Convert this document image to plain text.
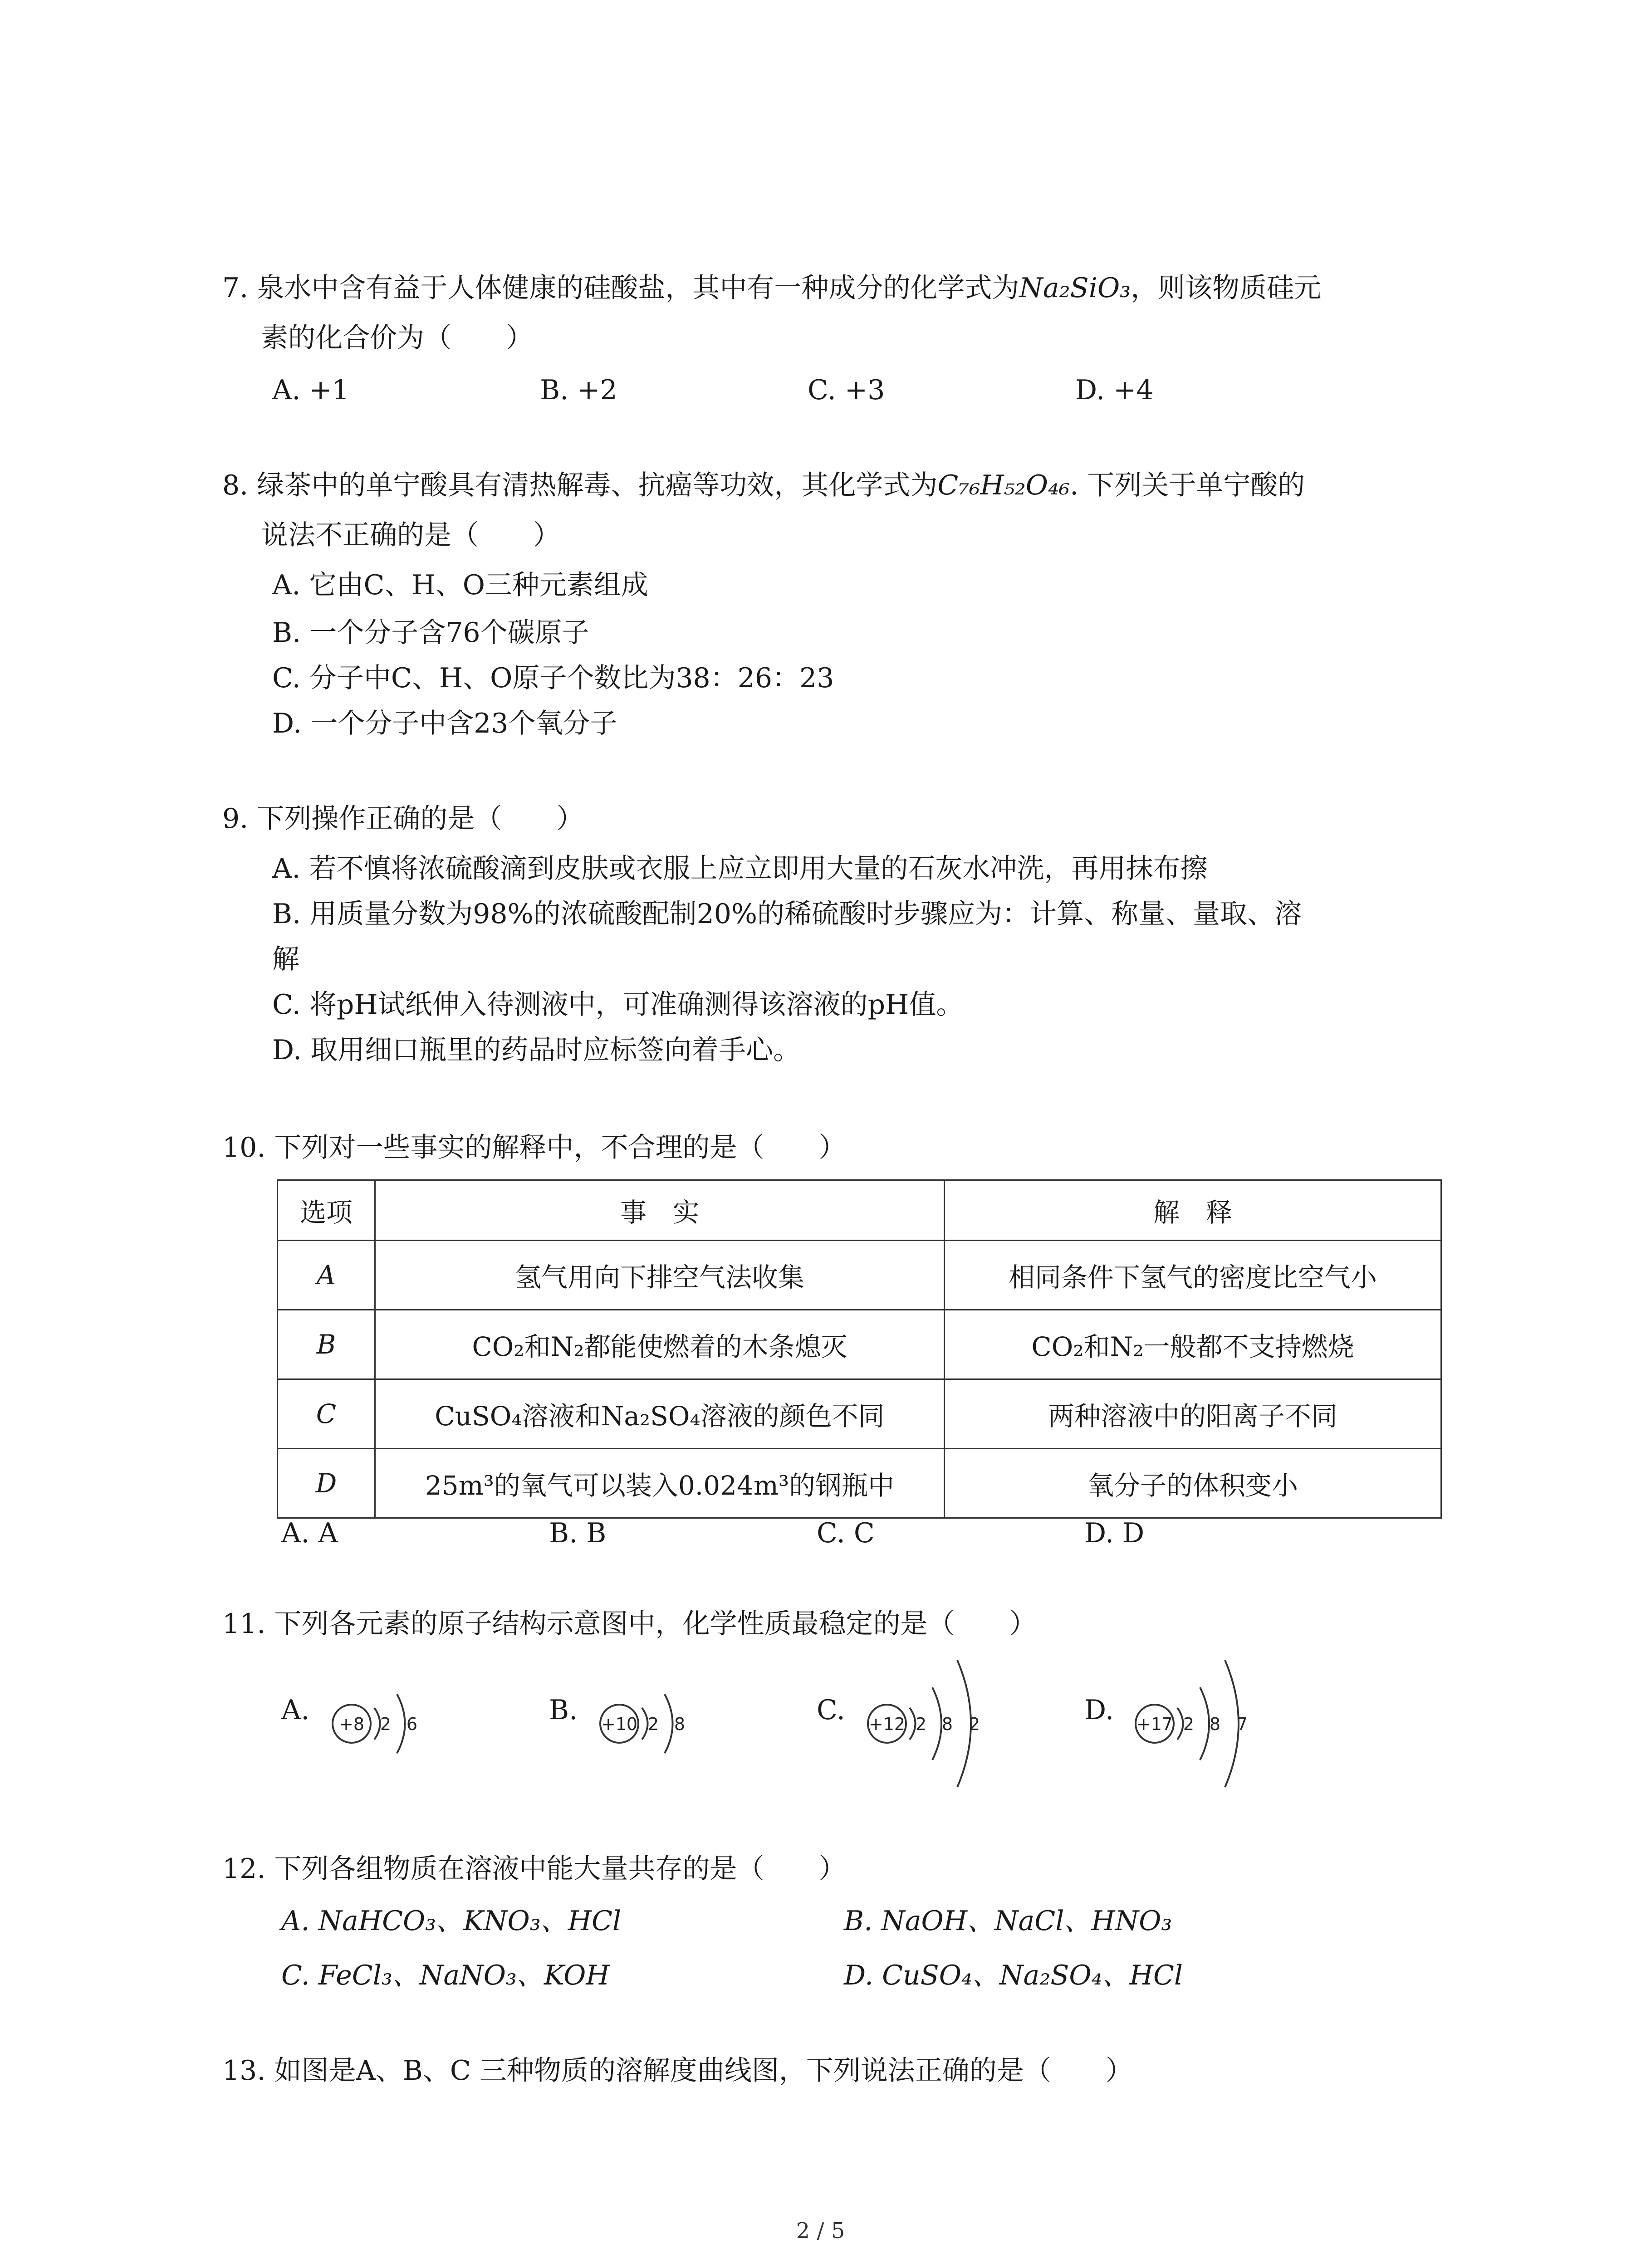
7. 泉水中含有益于人体健康的硅酸盐，其中有一种成分的化学式为Na₂SiO₃，则该物质硅元
素的化合价为（　　）
A. +1	B. +2	C. +3	D. +4
8. 绿茶中的单宁酸具有清热解毒、抗癌等功效，其化学式为C₇₆H₅₂O₄₆. 下列关于单宁酸的
说法不正确的是（　　）
A. 它由C、H、O三种元素组成
B. 一个分子含76个碳原子
C. 分子中C、H、O原子个数比为38：26：23
D. 一个分子中含23个氧分子
9. 下列操作正确的是（　　）
A. 若不慎将浓硫酸滴到皮肤或衣服上应立即用大量的石灰水冲洗，再用抹布擦
B. 用质量分数为98%的浓硫酸配制20%的稀硫酸时步骤应为：计算、称量、量取、溶
解
C. 将pH试纸伸入待测液中，可准确测得该溶液的pH值。
D. 取用细口瓶里的药品时应标签向着手心。
10. 下列对一些事实的解释中，不合理的是（　　）
选项	事　实	解　释
A	氢气用向下排空气法收集	相同条件下氢气的密度比空气小
B	CO₂和N₂都能使燃着的木条熄灭	CO₂和N₂一般都不支持燃烧
C	CuSO₄溶液和Na₂SO₄溶液的颜色不同	两种溶液中的阳离子不同
D	25m³的氧气可以装入0.024m³的钢瓶中	氧分子的体积变小
A. A	B. B	C. C	D. D
11. 下列各元素的原子结构示意图中，化学性质最稳定的是（　　）
A. +8 2 6	B. +10 2 8	C. +12 2 8 2	D. +17 2 8 7
12. 下列各组物质在溶液中能大量共存的是（　　）
A. NaHCO₃、KNO₃、HCl	B. NaOH、NaCl、HNO₃
C. FeCl₃、NaNO₃、KOH	D. CuSO₄、Na₂SO₄、HCl
13. 如图是A、B、C 三种物质的溶解度曲线图，下列说法正确的是（　　）
2 / 5
